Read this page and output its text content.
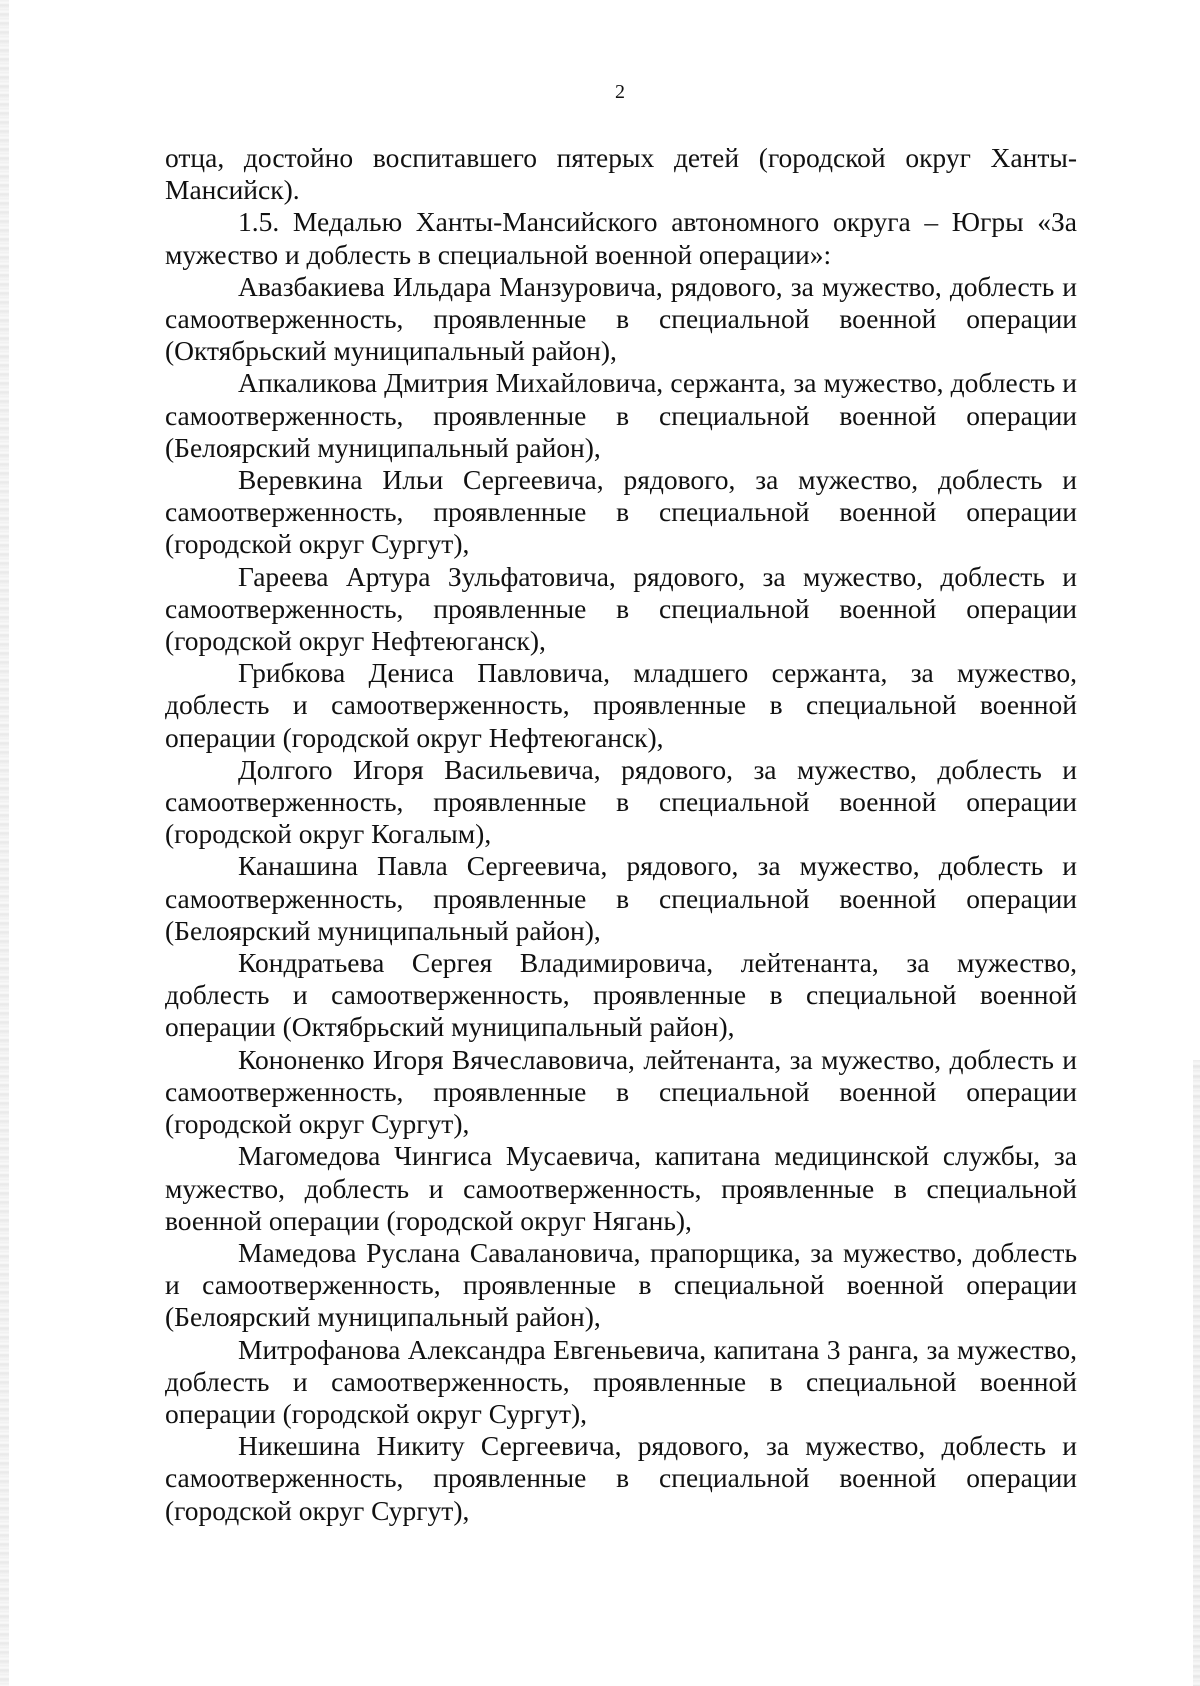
2

отца, достойно воспитавшего пятерых детей (городской округ Ханты-Мансийск).

1.5. Медалью Ханты-Мансийского автономного округа – Югры «За мужество и доблесть в специальной военной операции»:

Авазбакиева Ильдара Манзуровича, рядового, за мужество, доблесть и самоотверженность, проявленные в специальной военной операции (Октябрьский муниципальный район),

Апкаликова Дмитрия Михайловича, сержанта, за мужество, доблесть и самоотверженность, проявленные в специальной военной операции (Белоярский муниципальный район),

Веревкина Ильи Сергеевича, рядового, за мужество, доблесть и самоотверженность, проявленные в специальной военной операции (городской округ Сургут),

Гареева Артура Зульфатовича, рядового, за мужество, доблесть и самоотверженность, проявленные в специальной военной операции (городской округ Нефтеюганск),

Грибкова Дениса Павловича, младшего сержанта, за мужество, доблесть и самоотверженность, проявленные в специальной военной операции (городской округ Нефтеюганск),

Долгого Игоря Васильевича, рядового, за мужество, доблесть и самоотверженность, проявленные в специальной военной операции (городской округ Когалым),

Канашина Павла Сергеевича, рядового, за мужество, доблесть и самоотверженность, проявленные в специальной военной операции (Белоярский муниципальный район),

Кондратьева Сергея Владимировича, лейтенанта, за мужество, доблесть и самоотверженность, проявленные в специальной военной операции (Октябрьский муниципальный район),

Кононенко Игоря Вячеславовича, лейтенанта, за мужество, доблесть и самоотверженность, проявленные в специальной военной операции (городской округ Сургут),

Магомедова Чингиса Мусаевича, капитана медицинской службы, за мужество, доблесть и самоотверженность, проявленные в специальной военной операции (городской округ Нягань),

Мамедова Руслана Савалановича, прапорщика, за мужество, доблесть и самоотверженность, проявленные в специальной военной операции (Белоярский муниципальный район),

Митрофанова Александра Евгеньевича, капитана 3 ранга, за мужество, доблесть и самоотверженность, проявленные в специальной военной операции (городской округ Сургут),

Никешина Никиту Сергеевича, рядового, за мужество, доблесть и самоотверженность, проявленные в специальной военной операции (городской округ Сургут),
